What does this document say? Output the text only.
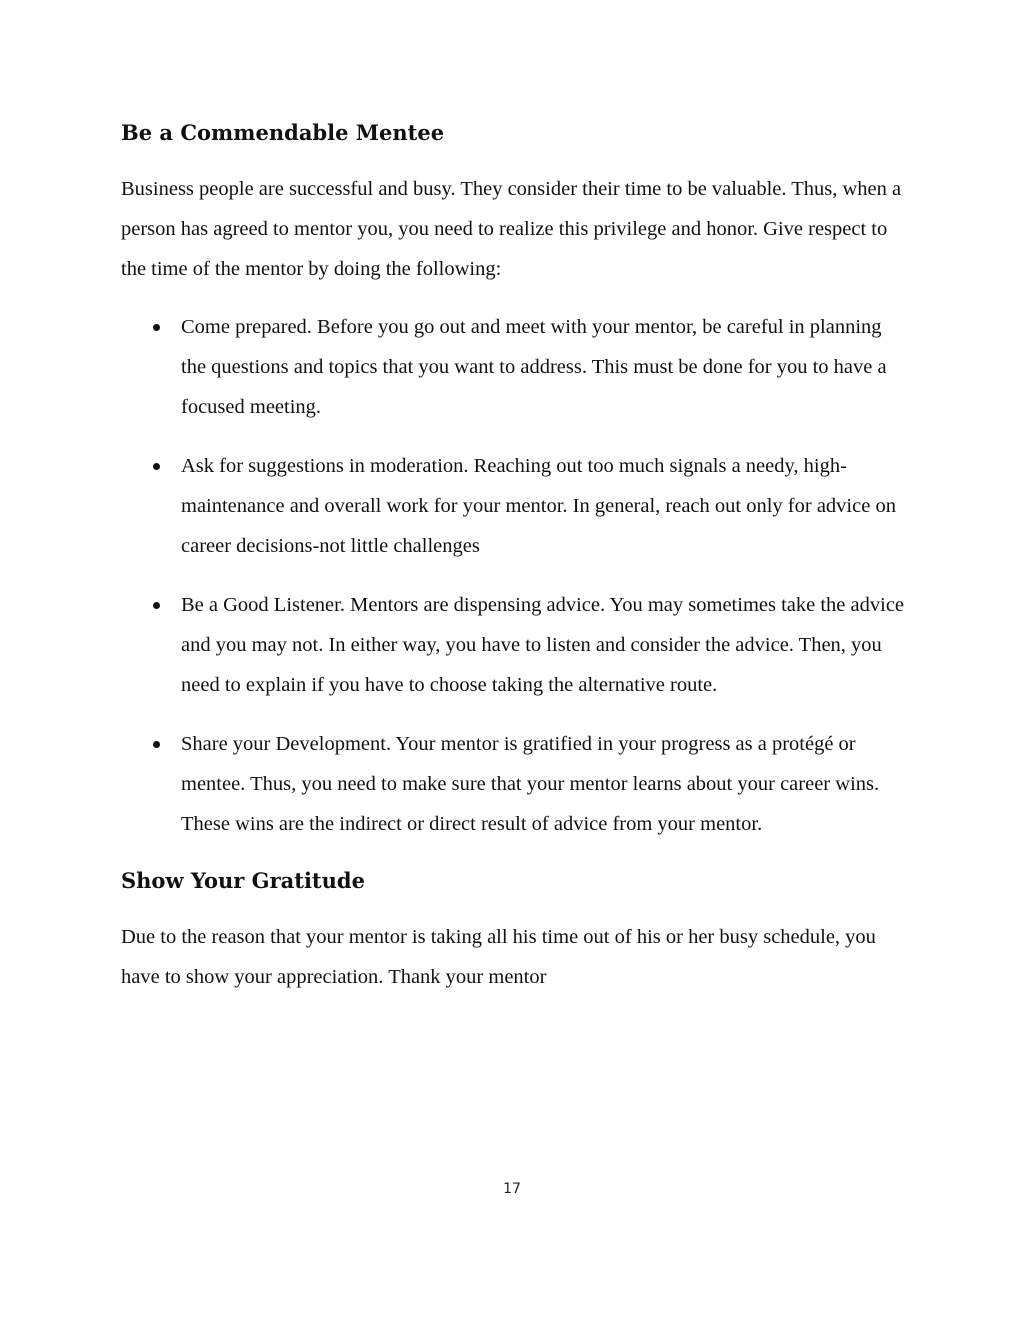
Be a Commendable Mentee

Business people are successful and busy. They consider their time to be valuable. Thus, when a person has agreed to mentor you, you need to realize this privilege and honor. Give respect to the time of the mentor by doing the following:

Come prepared. Before you go out and meet with your mentor, be careful in planning the questions and topics that you want to address. This must be done for you to have a focused meeting.
Ask for suggestions in moderation. Reaching out too much signals a needy, high-maintenance and overall work for your mentor. In general, reach out only for advice on career decisions-not little challenges
Be a Good Listener. Mentors are dispensing advice. You may sometimes take the advice and you may not. In either way, you have to listen and consider the advice. Then, you need to explain if you have to choose taking the alternative route.
Share your Development. Your mentor is gratified in your progress as a protégé or mentee. Thus, you need to make sure that your mentor learns about your career wins. These wins are the indirect or direct result of advice from your mentor.
Show Your Gratitude

Due to the reason that your mentor is taking all his time out of his or her busy schedule, you have to show your appreciation. Thank your mentor

17
